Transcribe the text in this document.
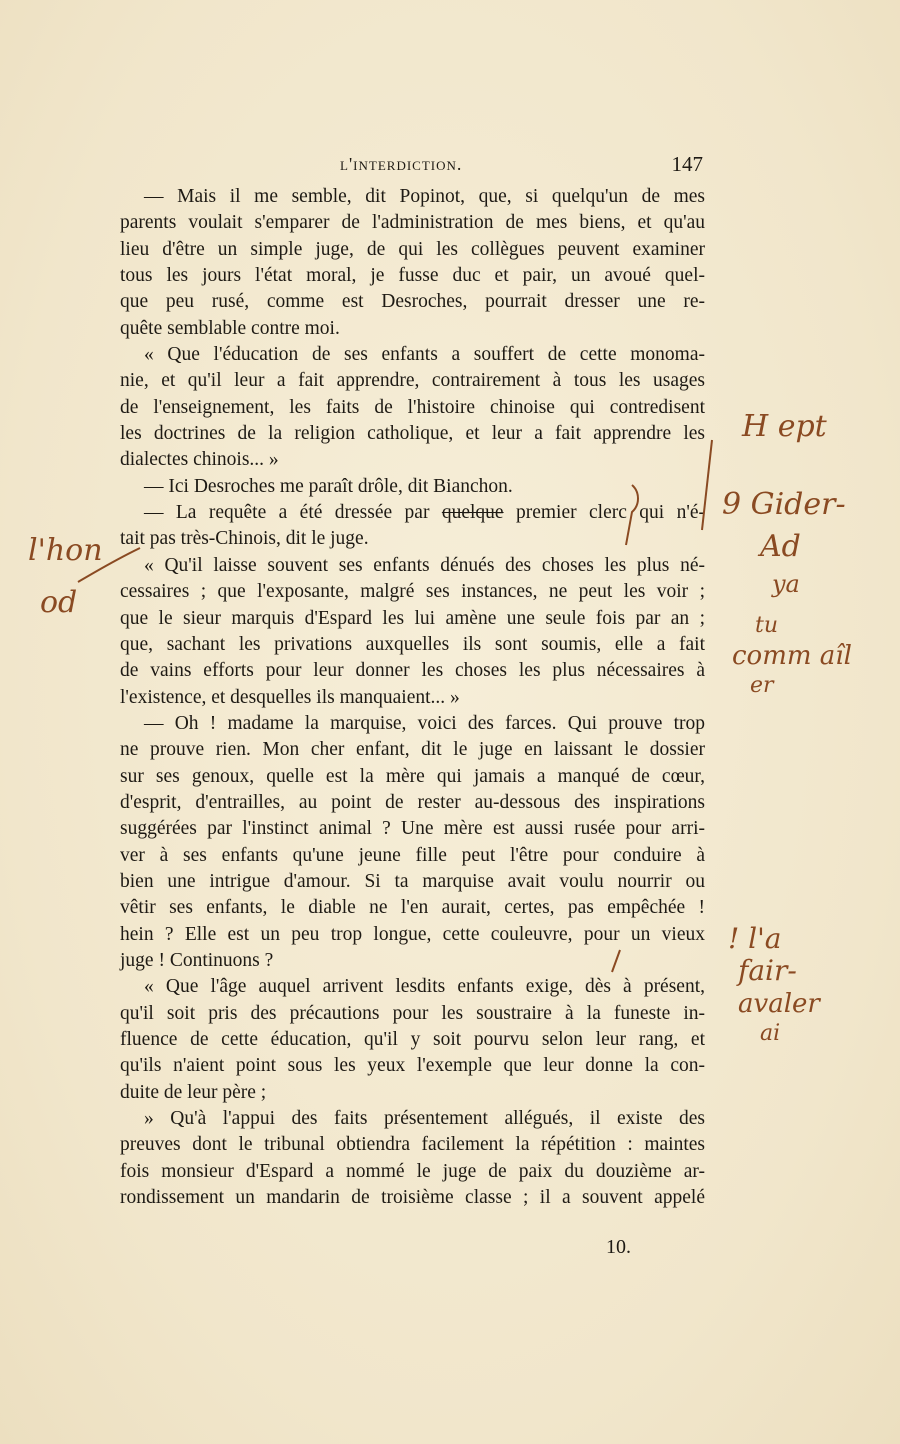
l'interdiction.	147
— Mais il me semble, dit Popinot, que, si quelqu'un de mes
parents voulait s'emparer de l'administration de mes biens, et qu'au
lieu d'être un simple juge, de qui les collègues peuvent examiner
tous les jours l'état moral, je fusse duc et pair, un avoué quel-
que peu rusé, comme est Desroches, pourrait dresser une re-
quête semblable contre moi.
« Que l'éducation de ses enfants a souffert de cette monoma-
nie, et qu'il leur a fait apprendre, contrairement à tous les usages
de l'enseignement, les faits de l'histoire chinoise qui contredisent
les doctrines de la religion catholique, et leur a fait apprendre les
dialectes chinois... »
— Ici Desroches me paraît drôle, dit Bianchon.
— La requête a été dressée par quelque premier clerc qui n'é-
tait pas très-Chinois, dit le juge.
« Qu'il laisse souvent ses enfants dénués des choses les plus né-
cessaires ; que l'exposante, malgré ses instances, ne peut les voir ;
que le sieur marquis d'Espard les lui amène une seule fois par an ;
que, sachant les privations auxquelles ils sont soumis, elle a fait
de vains efforts pour leur donner les choses les plus nécessaires à
l'existence, et desquelles ils manquaient... »
— Oh ! madame la marquise, voici des farces. Qui prouve trop
ne prouve rien. Mon cher enfant, dit le juge en laissant le dossier
sur ses genoux, quelle est la mère qui jamais a manqué de cœur,
d'esprit, d'entrailles, au point de rester au-dessous des inspirations
suggérées par l'instinct animal ? Une mère est aussi rusée pour arri-
ver à ses enfants qu'une jeune fille peut l'être pour conduire à
bien une intrigue d'amour. Si ta marquise avait voulu nourrir ou
vêtir ses enfants, le diable ne l'en aurait, certes, pas empêchée !
hein ? Elle est un peu trop longue, cette couleuvre, pour un vieux
juge ! Continuons ?
« Que l'âge auquel arrivent lesdits enfants exige, dès à présent,
qu'il soit pris des précautions pour les soustraire à la funeste in-
fluence de cette éducation, qu'il y soit pourvu selon leur rang, et
qu'ils n'aient point sous les yeux l'exemple que leur donne la con-
duite de leur père ;
» Qu'à l'appui des faits présentement allégués, il existe des
preuves dont le tribunal obtiendra facilement la répétition : maintes
fois monsieur d'Espard a nommé le juge de paix du douzième ar-
rondissement un mandarin de troisième classe ; il a souvent appelé
10.
l'hon
od
H ept
9 Gider-
Ad
ya
tu
comm aîl
er
! l'a
fair-
avaler
ai
